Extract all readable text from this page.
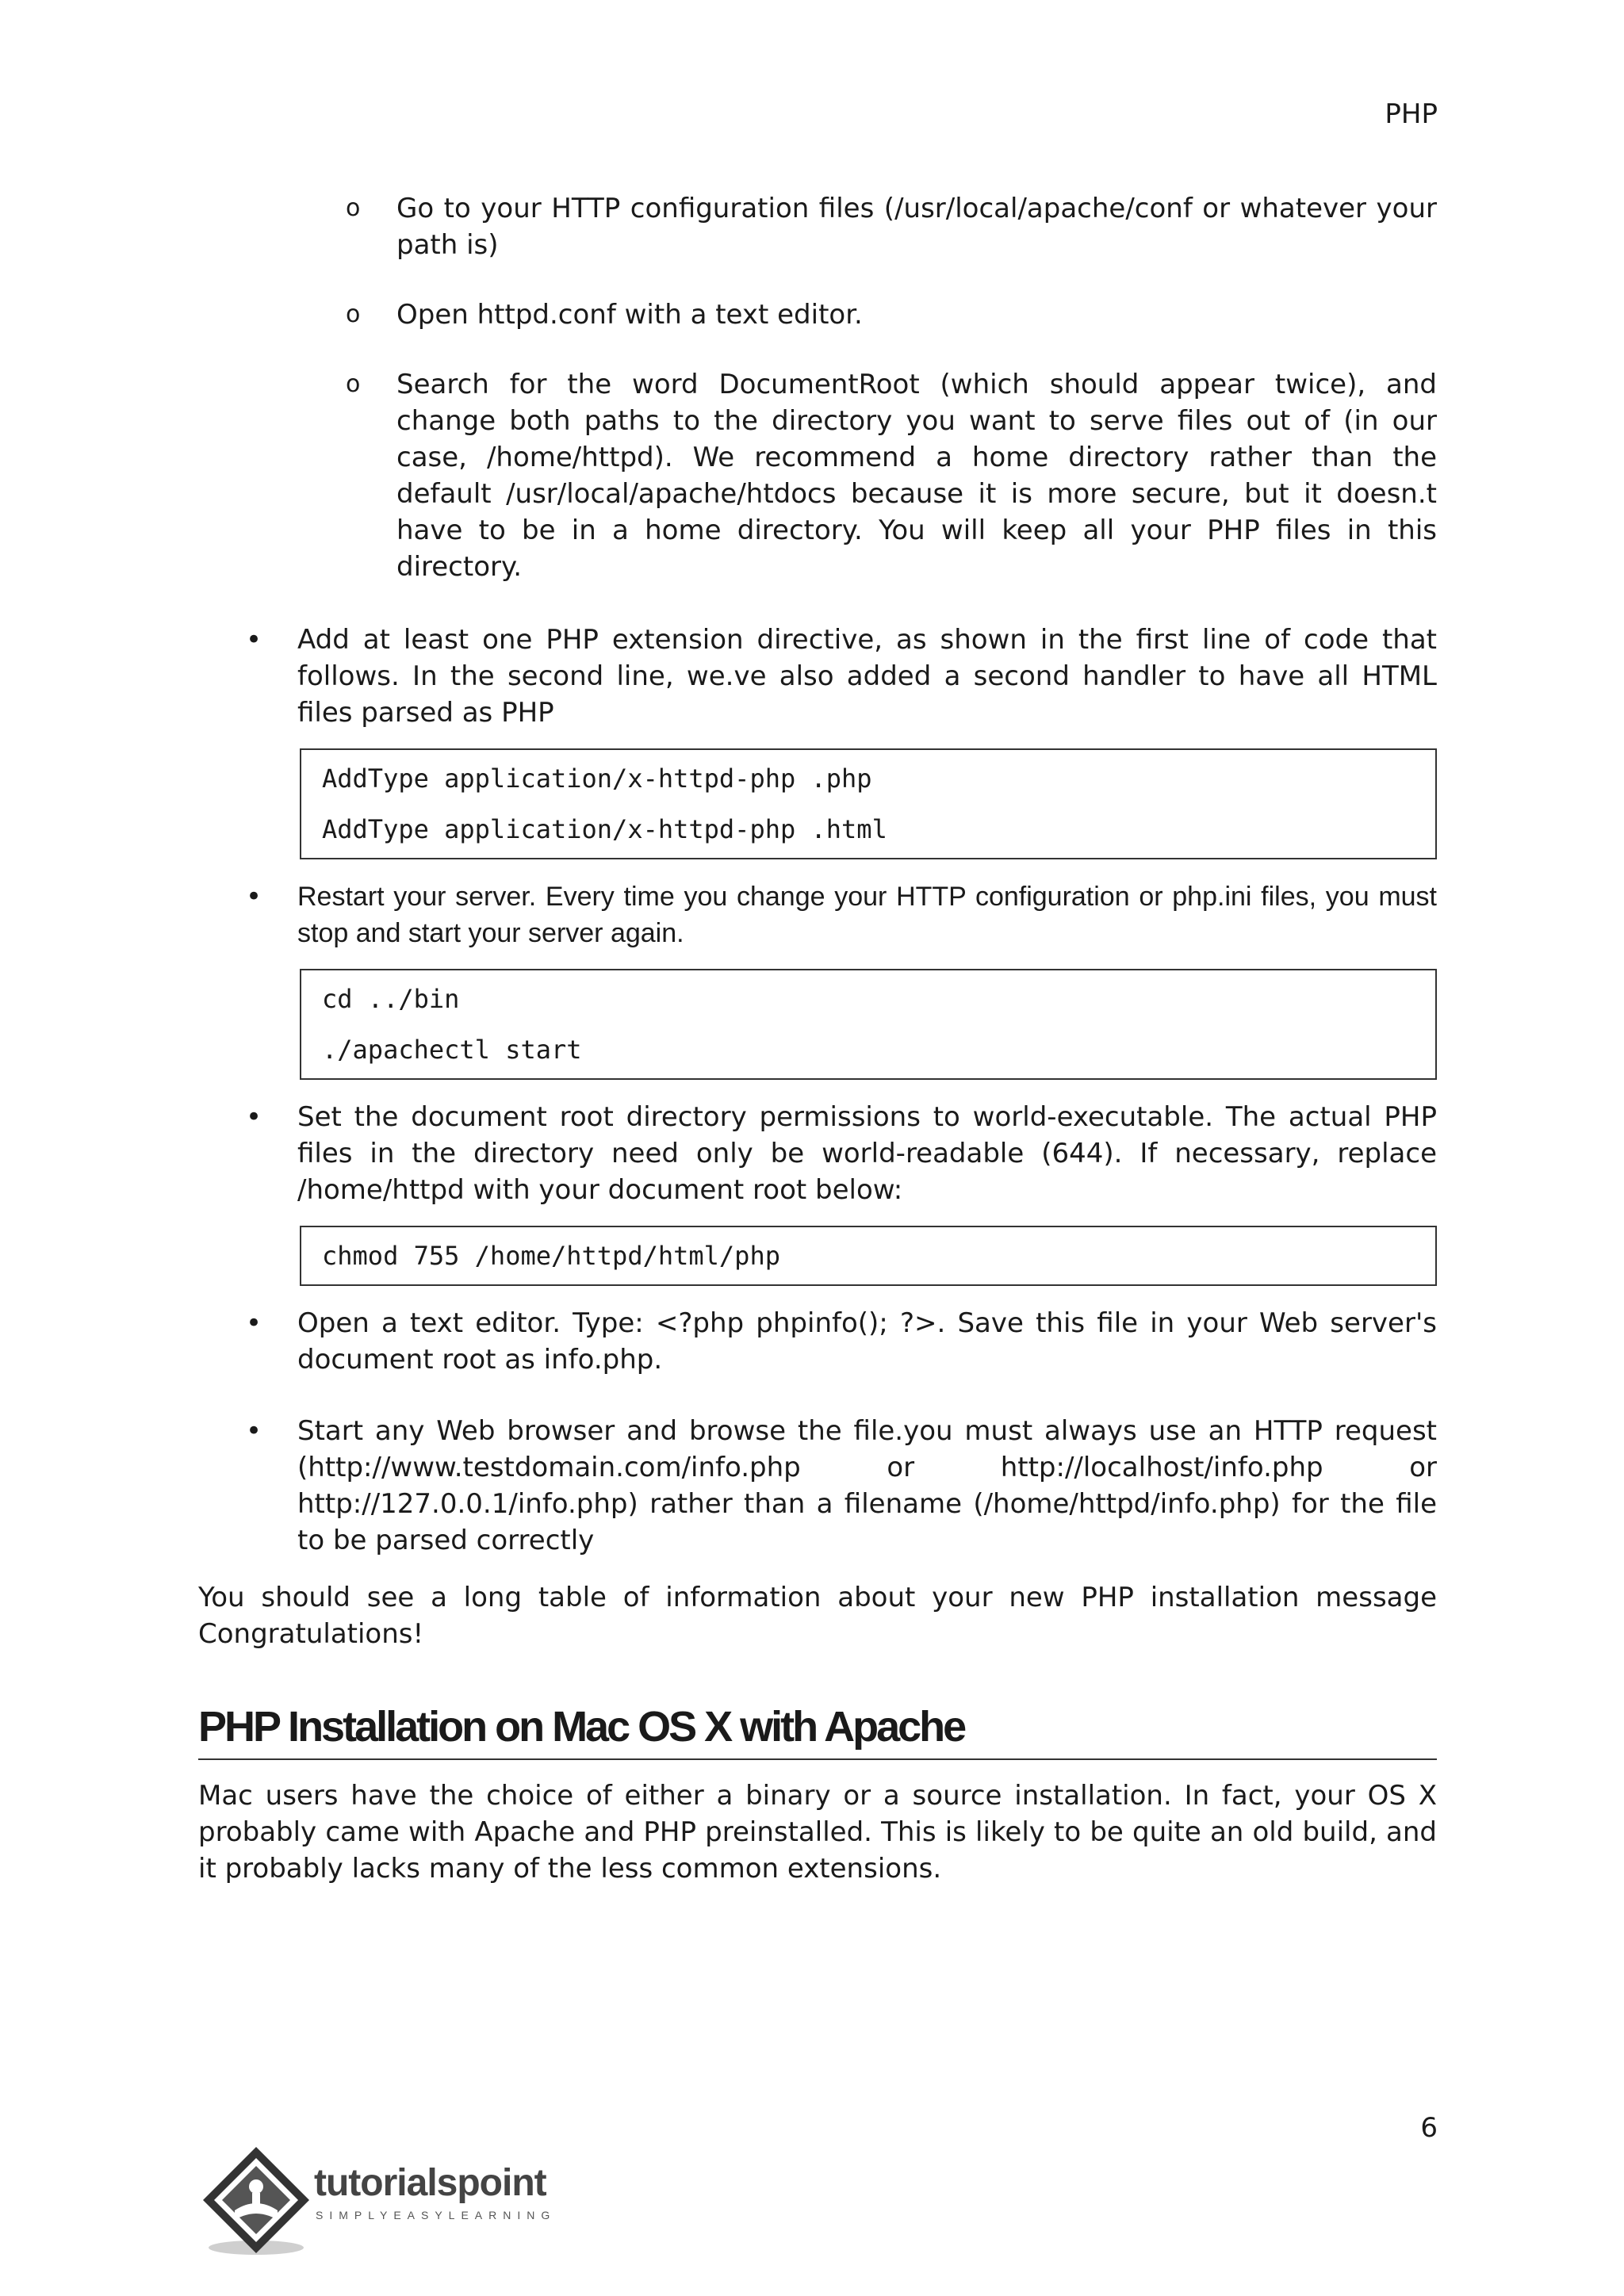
PHP
o Go to your HTTP configuration files (/usr/local/apache/conf or whatever your path is)

o Open httpd.conf with a text editor.

o Search for the word DocumentRoot (which should appear twice), and change both paths to the directory you want to serve files out of (in our case, /home/httpd). We recommend a home directory rather than the default /usr/local/apache/htdocs because it is more secure, but it doesn.t have to be in a home directory. You will keep all your PHP files in this directory.

• Add at least one PHP extension directive, as shown in the first line of code that follows. In the second line, we.ve also added a second handler to have all HTML files parsed as PHP

AddType application/x-httpd-php .php
AddType application/x-httpd-php .html
• Restart your server. Every time you change your HTTP configuration or php.ini files, you must stop and start your server again.

cd ../bin
./apachectl start
• Set the document root directory permissions to world-executable. The actual PHP files in the directory need only be world-readable (644). If necessary, replace /home/httpd with your document root below:

chmod 755 /home/httpd/html/php
• Open a text editor. Type: <?php phpinfo(); ?>. Save this file in your Web server's document root as info.php.

• Start any Web browser and browse the file.you must always use an HTTP request (http://www.testdomain.com/info.php or http://localhost/info.php or http://127.0.0.1/info.php) rather than a filename (/home/httpd/info.php) for the file to be parsed correctly

You should see a long table of information about your new PHP installation message Congratulations!

PHP Installation on Mac OS X with Apache

Mac users have the choice of either a binary or a source installation. In fact, your OS X probably came with Apache and PHP preinstalled. This is likely to be quite an old build, and it probably lacks many of the less common extensions.

6
tutorialspoint
SIMPLYEASYLEARNING
